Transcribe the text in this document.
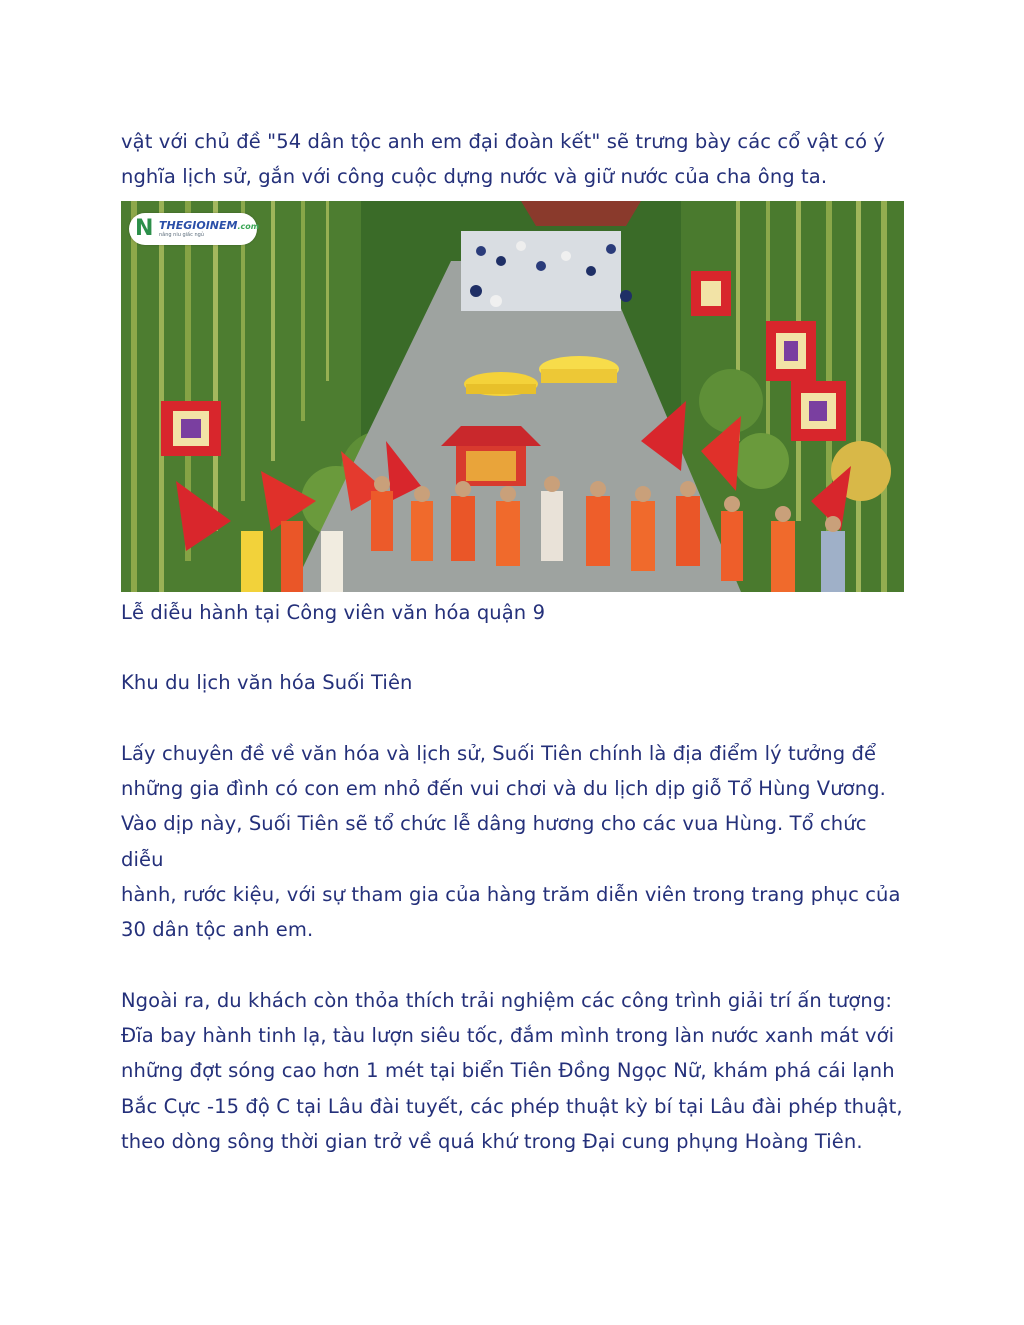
vật với chủ đề "54 dân tộc anh em đại đoàn kết" sẽ trưng bày các cổ vật có ý
nghĩa lịch sử, gắn với công cuộc dựng nước và giữ nước của cha ông ta.

N THEGIOINEM.com
nâng niu giấc ngủ

Lễ diễu hành tại Công viên văn hóa quận 9

Khu du lịch văn hóa Suối Tiên

Lấy chuyên đề về văn hóa và lịch sử, Suối Tiên chính là địa điểm lý tưởng để
những gia đình có con em nhỏ đến vui chơi và du lịch dịp giỗ Tổ Hùng Vương.
Vào dịp này, Suối Tiên sẽ tổ chức lễ dâng hương cho các vua Hùng. Tổ chức diễu
hành, rước kiệu, với sự tham gia của hàng trăm diễn viên trong trang phục của
30 dân tộc anh em.

Ngoài ra, du khách còn thỏa thích trải nghiệm các công trình giải trí ấn tượng:
Đĩa bay hành tinh lạ, tàu lượn siêu tốc, đắm mình trong làn nước xanh mát với
những đợt sóng cao hơn 1 mét tại biển Tiên Đồng Ngọc Nữ, khám phá cái lạnh
Bắc Cực -15 độ C tại Lâu đài tuyết, các phép thuật kỳ bí tại Lâu đài phép thuật,
theo dòng sông thời gian trở về quá khứ trong Đại cung phụng Hoàng Tiên.
